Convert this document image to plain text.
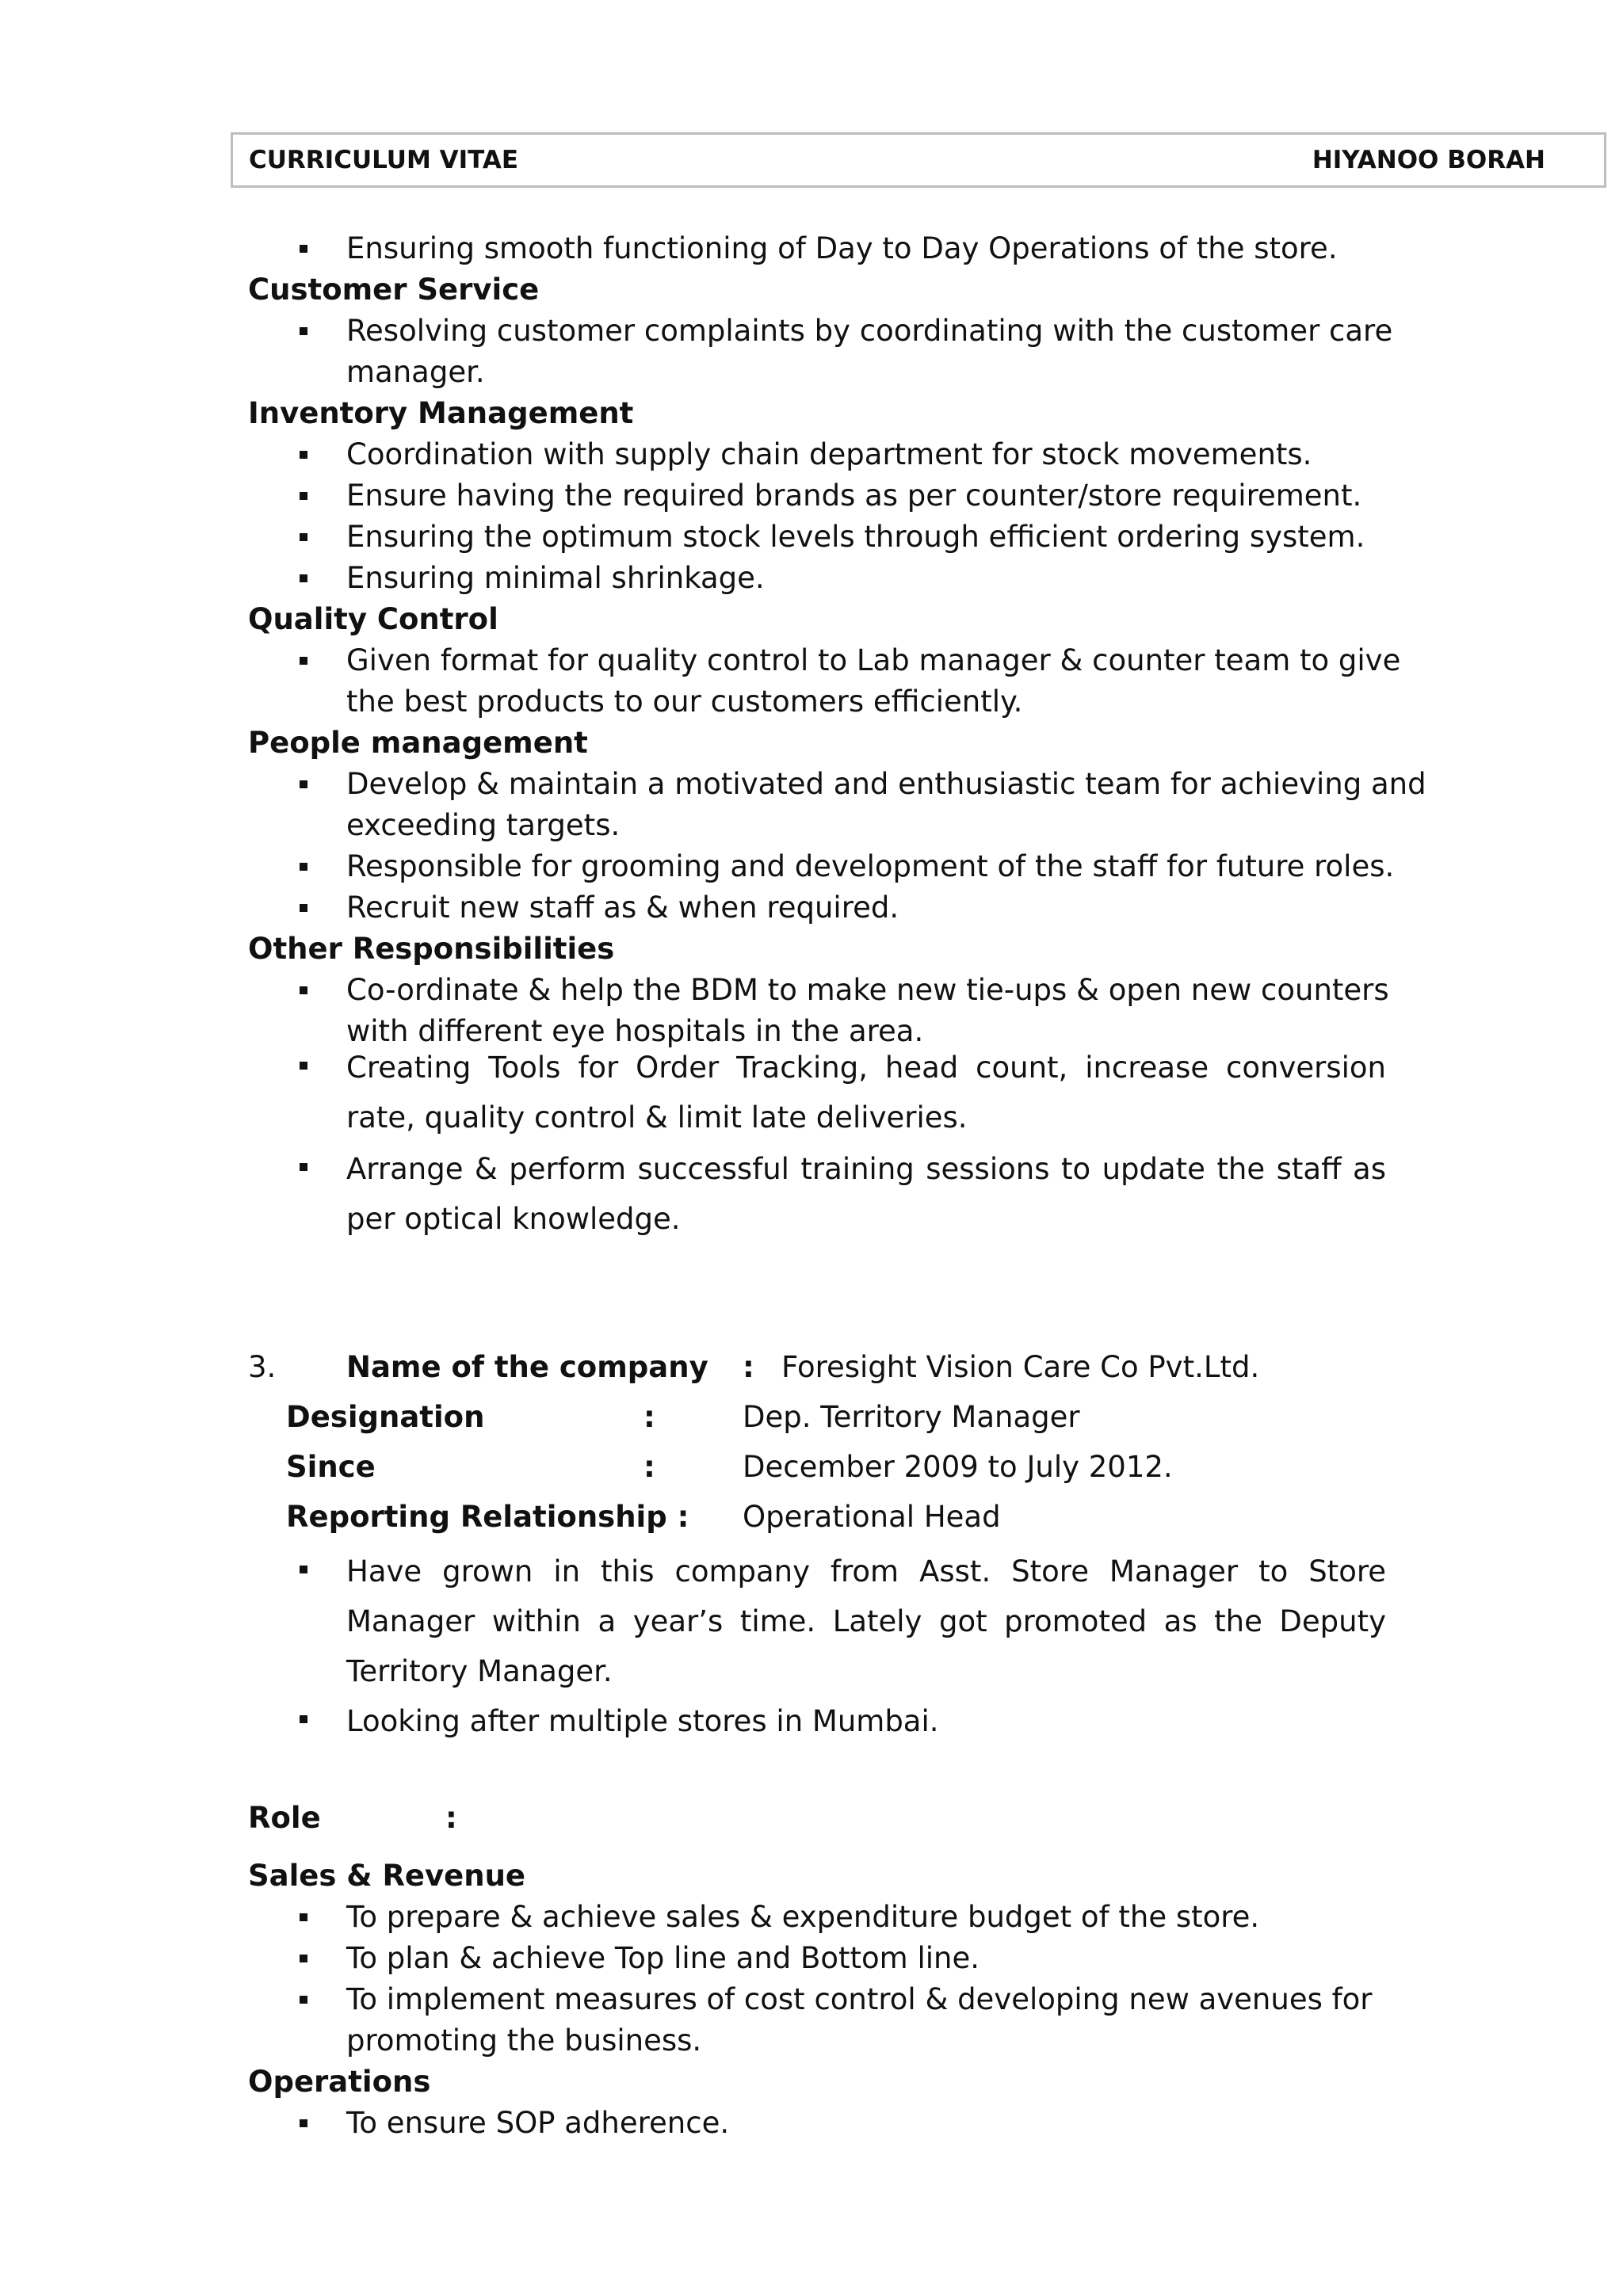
CURRICULUM VITAE	HIYANOO BORAH
Ensuring smooth functioning of Day to Day Operations of the store.
Customer Service
Resolving customer complaints by coordinating with the customer care
manager.
Inventory Management
Coordination with supply chain department for stock movements.
Ensure having the required brands as per counter/store requirement.
Ensuring the optimum stock levels through efficient ordering system.
Ensuring minimal shrinkage.
Quality Control
Given format for quality control to Lab manager & counter team to give
the best products to our customers efficiently.
People management
Develop & maintain a motivated and enthusiastic team for achieving and
exceeding targets.
Responsible for grooming and development of the staff for future roles.
Recruit new staff as & when required.
Other Responsibilities
Co-ordinate & help the BDM to make new tie-ups & open new counters
with different eye hospitals in the area.
Creating Tools for Order Tracking, head count, increase conversion rate, quality control & limit late deliveries.
Arrange & perform successful training sessions to update the staff as per optical knowledge.
3. Name of the company : Foresight Vision Care Co Pvt.Ltd.
Designation	:	Dep. Territory Manager
Since	:	December 2009 to July 2012.
Reporting Relationship : Operational Head
Have grown in this company from Asst. Store Manager to Store Manager within a year’s time. Lately got promoted as the Deputy Territory Manager.
Looking after multiple stores in Mumbai.
Role	:
Sales & Revenue
To prepare & achieve sales & expenditure budget of the store.
To plan & achieve Top line and Bottom line.
To implement measures of cost control & developing new avenues for
promoting the business.
Operations
To ensure SOP adherence.
